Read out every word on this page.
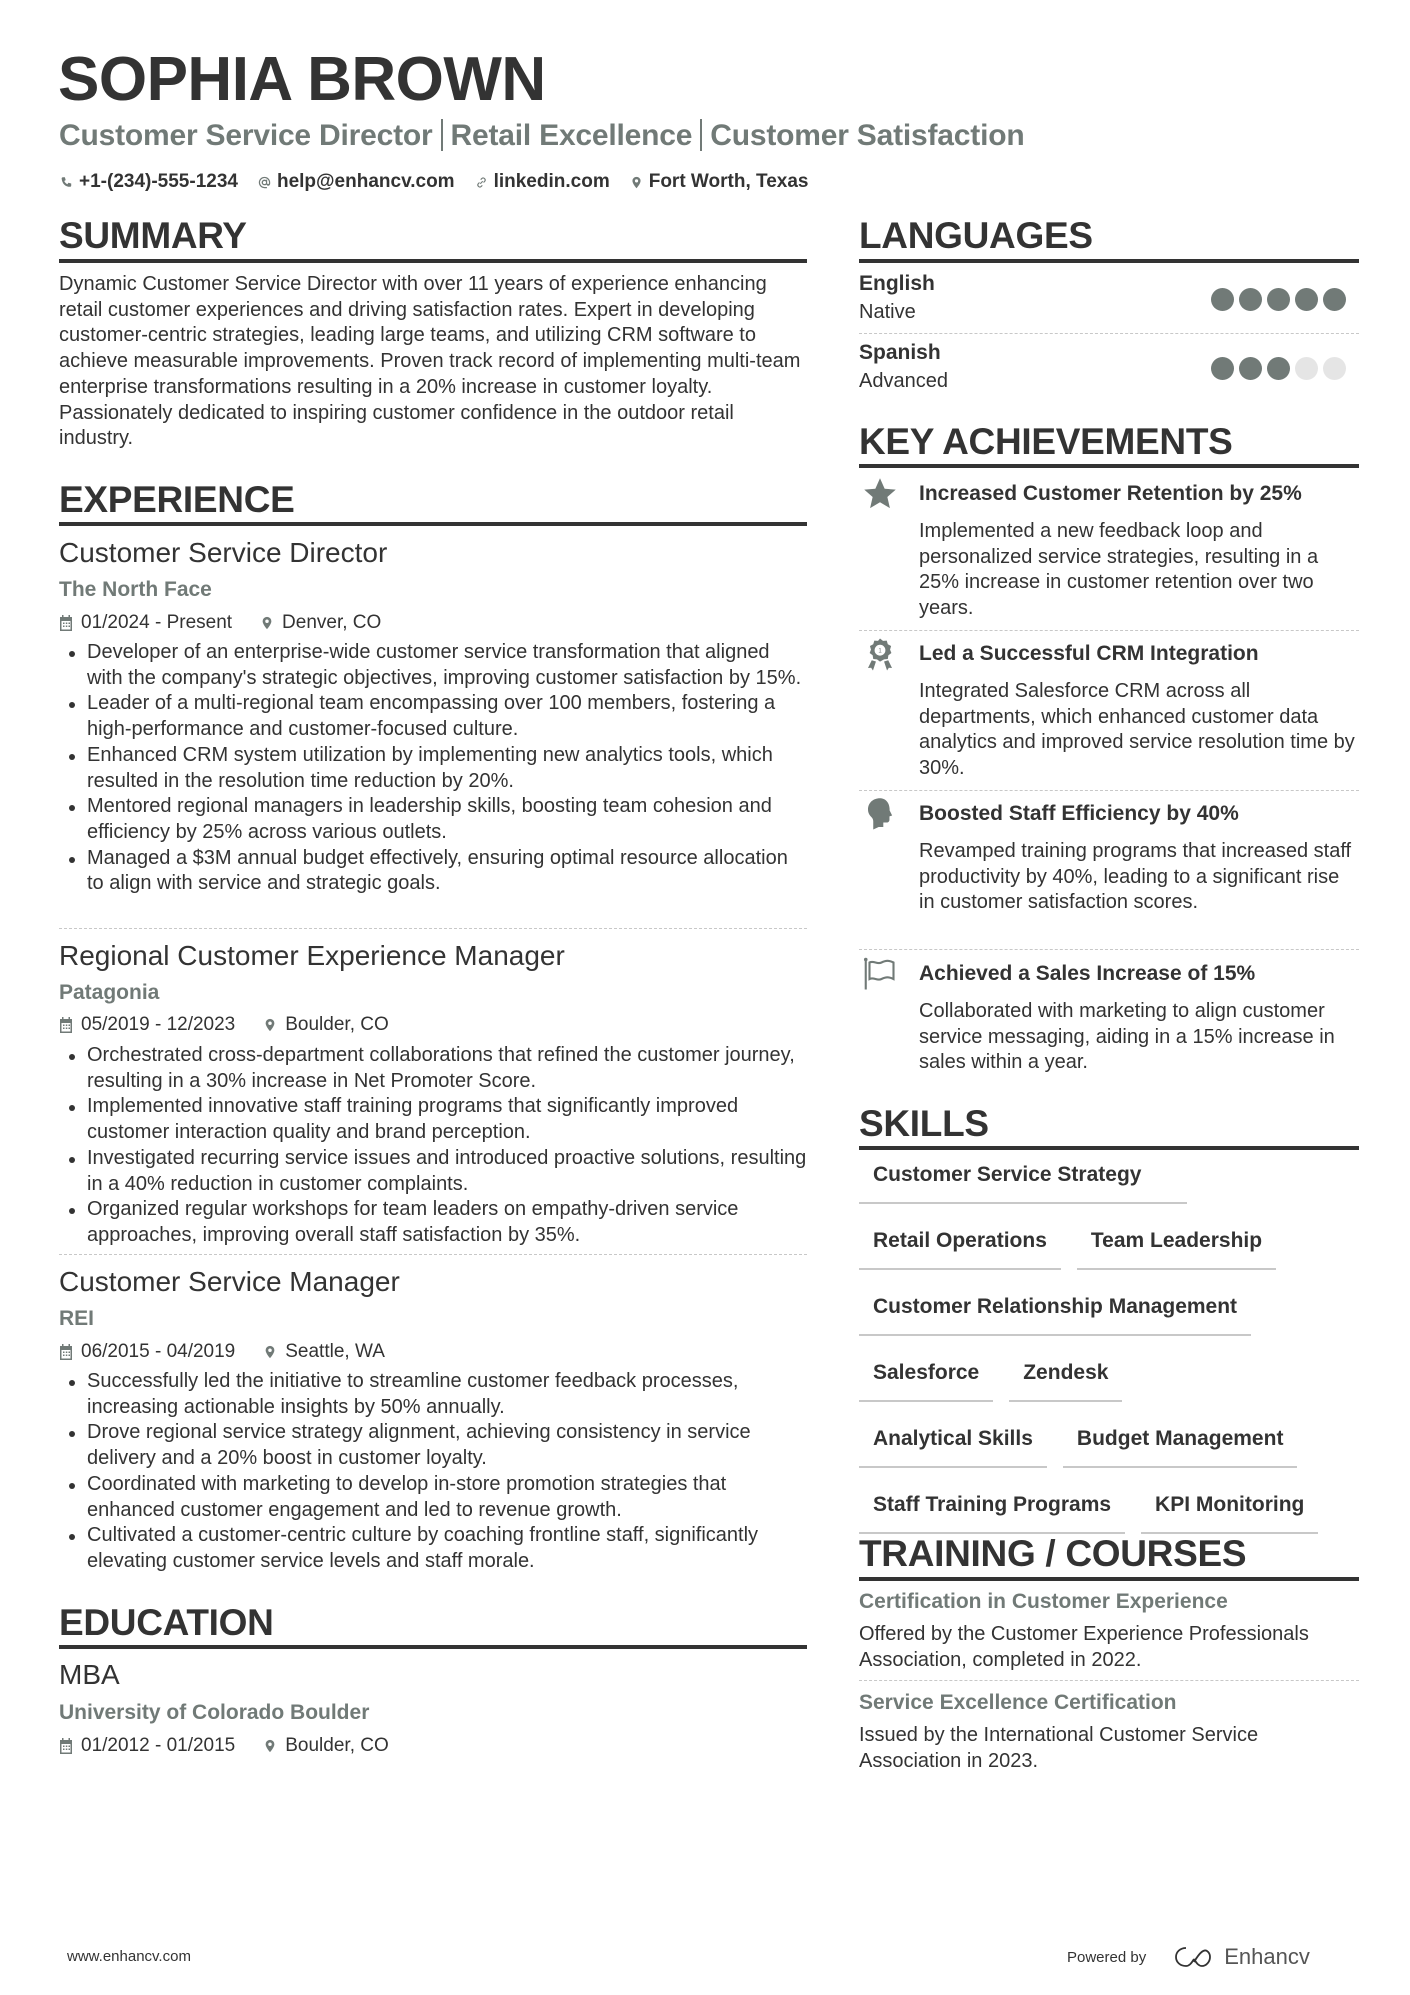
SOPHIA BROWN
Customer Service Director Retail Excellence Customer Satisfaction
+1-(234)-555-1234 help@enhancv.com linkedin.com Fort Worth, Texas
SUMMARY
Dynamic Customer Service Director with over 11 years of experience enhancing retail customer experiences and driving satisfaction rates. Expert in developing customer-centric strategies, leading large teams, and utilizing CRM software to achieve measurable improvements. Proven track record of implementing multi-team enterprise transformations resulting in a 20% increase in customer loyalty. Passionately dedicated to inspiring customer confidence in the outdoor retail industry.
EXPERIENCE
Customer Service Director
The North Face
01/2024 - Present	Denver, CO
Developer of an enterprise-wide customer service transformation that aligned with the company's strategic objectives, improving customer satisfaction by 15%.
Leader of a multi-regional team encompassing over 100 members, fostering a high-performance and customer-focused culture.
Enhanced CRM system utilization by implementing new analytics tools, which resulted in the resolution time reduction by 20%.
Mentored regional managers in leadership skills, boosting team cohesion and efficiency by 25% across various outlets.
Managed a $3M annual budget effectively, ensuring optimal resource allocation to align with service and strategic goals.
Regional Customer Experience Manager
Patagonia
05/2019 - 12/2023	Boulder, CO
Orchestrated cross-department collaborations that refined the customer journey, resulting in a 30% increase in Net Promoter Score.
Implemented innovative staff training programs that significantly improved customer interaction quality and brand perception.
Investigated recurring service issues and introduced proactive solutions, resulting in a 40% reduction in customer complaints.
Organized regular workshops for team leaders on empathy-driven service approaches, improving overall staff satisfaction by 35%.
Customer Service Manager
REI
06/2015 - 04/2019	Seattle, WA
Successfully led the initiative to streamline customer feedback processes, increasing actionable insights by 50% annually.
Drove regional service strategy alignment, achieving consistency in service delivery and a 20% boost in customer loyalty.
Coordinated with marketing to develop in-store promotion strategies that enhanced customer engagement and led to revenue growth.
Cultivated a customer-centric culture by coaching frontline staff, significantly elevating customer service levels and staff morale.
EDUCATION
MBA
University of Colorado Boulder
01/2012 - 01/2015	Boulder, CO
LANGUAGES
English
Native
Spanish
Advanced
KEY ACHIEVEMENTS
Increased Customer Retention by 25%
Implemented a new feedback loop and personalized service strategies, resulting in a 25% increase in customer retention over two years.
1 Led a Successful CRM Integration
Integrated Salesforce CRM across all departments, which enhanced customer data analytics and improved service resolution time by 30%.
Boosted Staff Efficiency by 40%
Revamped training programs that increased staff productivity by 40%, leading to a significant rise in customer satisfaction scores.
Achieved a Sales Increase of 15%
Collaborated with marketing to align customer service messaging, aiding in a 15% increase in sales within a year.
SKILLS
Customer Service Strategy
Retail Operations	Team Leadership
Customer Relationship Management
Salesforce	Zendesk
Analytical Skills	Budget Management
Staff Training Programs	KPI Monitoring
TRAINING / COURSES
Certification in Customer Experience
Offered by the Customer Experience Professionals Association, completed in 2022.
Service Excellence Certification
Issued by the International Customer Service Association in 2023.
www.enhancv.com	Powered by	Enhancv
